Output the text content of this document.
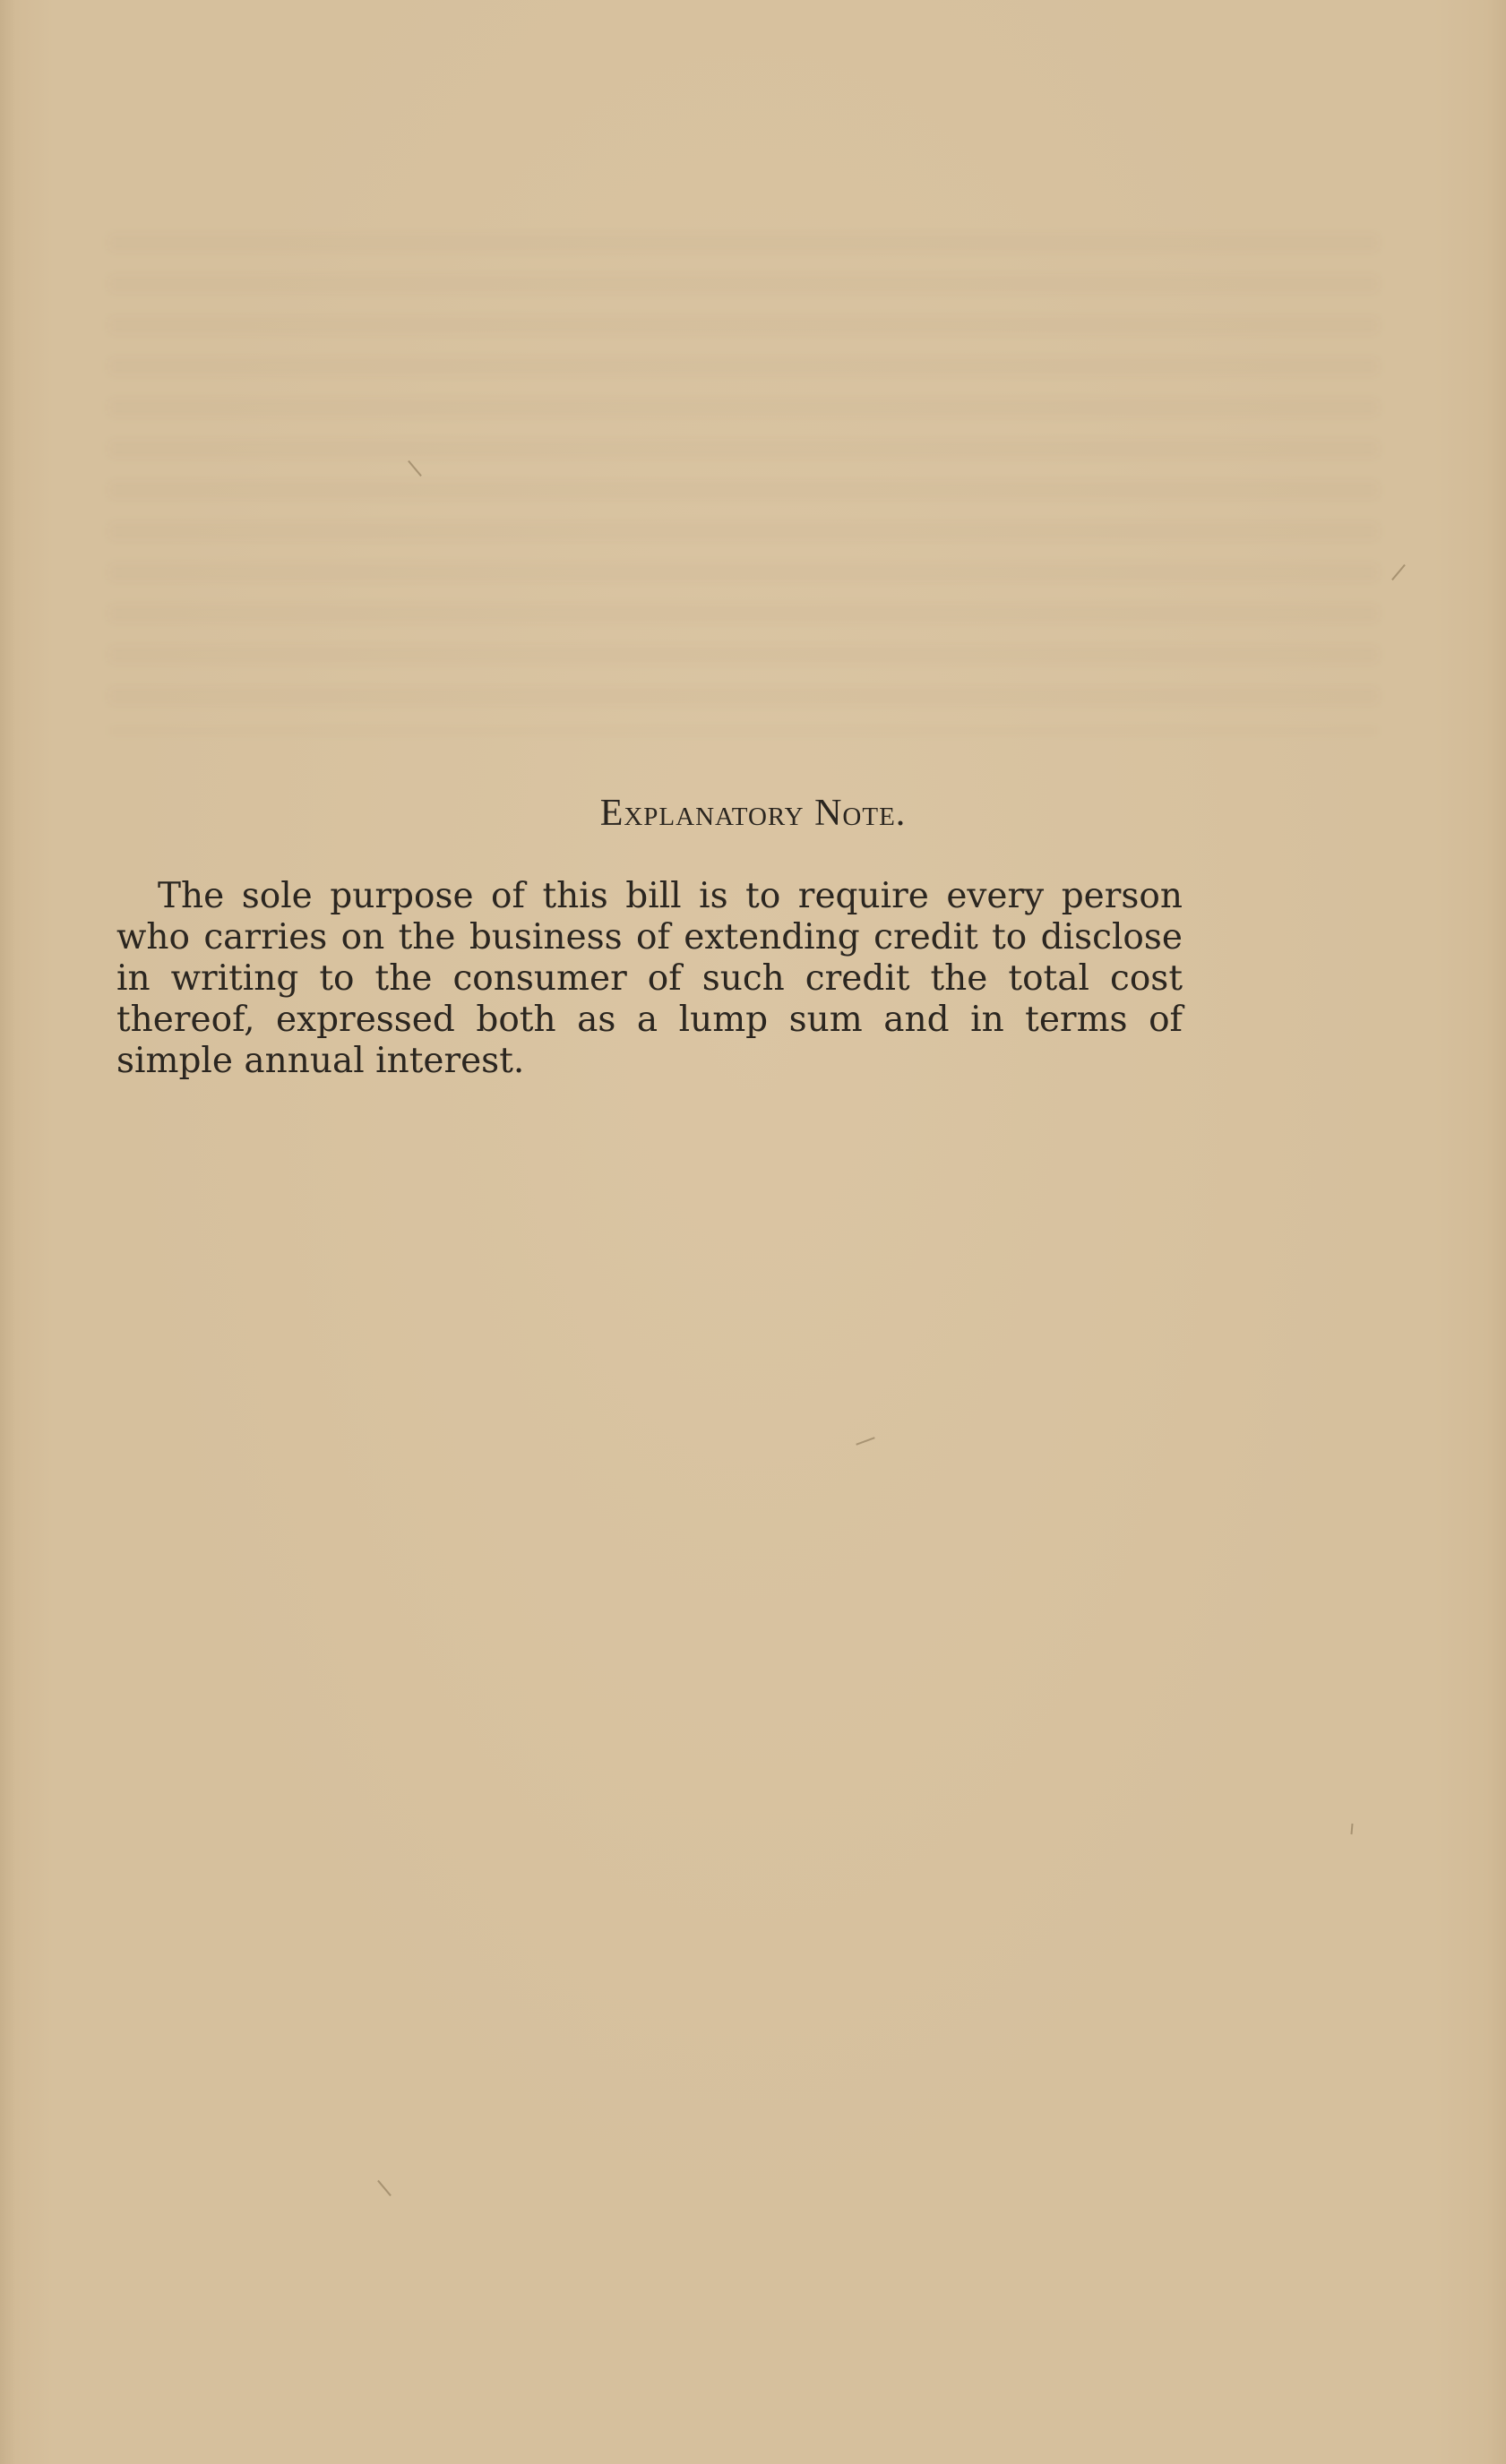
Explanatory Note.

The sole purpose of this bill is to require every person who carries on the business of extending credit to disclose in writing to the consumer of such credit the total cost thereof, expressed both as a lump sum and in terms of simple annual interest.
